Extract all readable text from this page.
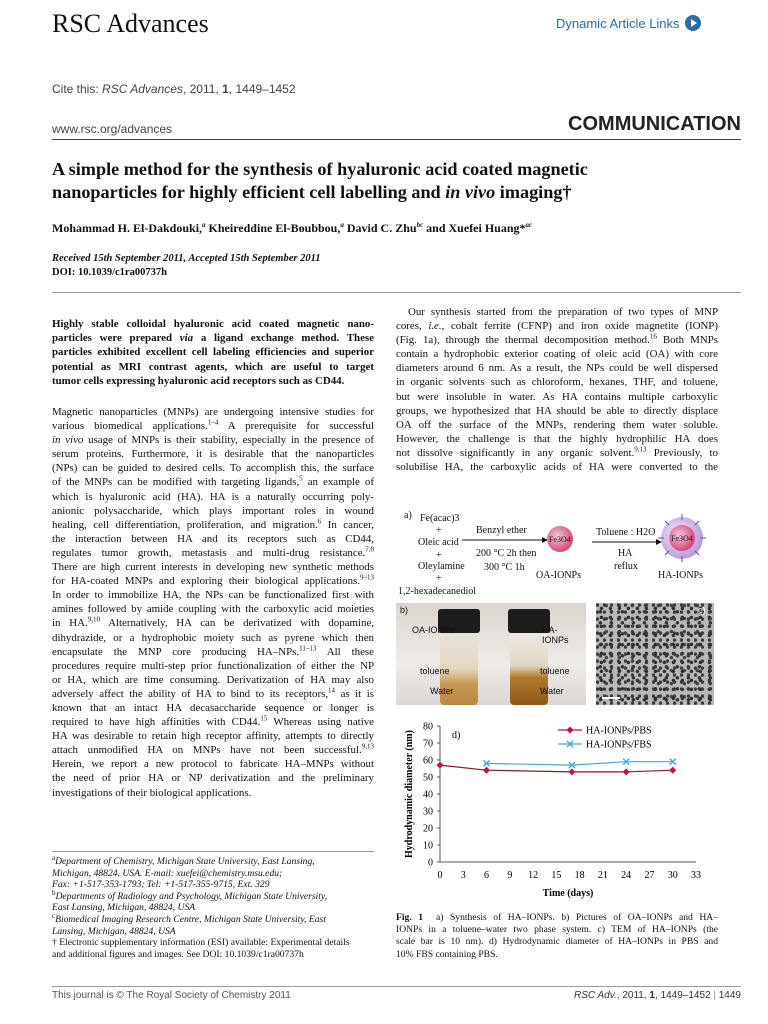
RSC Advances	Dynamic Article Links
Cite this: RSC Advances, 2011, 1, 1449–1452
www.rsc.org/advances	COMMUNICATION
A simple method for the synthesis of hyaluronic acid coated magnetic
nanoparticles for highly efficient cell labelling and in vivo imaging†
Mohammad H. El-Dakdouki,$^a$ Kheireddine El-Boubbou,$^a$ David C. Zhu$^{bc}$ and Xuefei Huang*$^{ac}$
Received 15th September 2011, Accepted 15th September 2011
DOI: 10.1039/c1ra00737h
Highly stable colloidal hyaluronic acid coated magnetic nano-
particles were prepared via a ligand exchange method. These
particles exhibited excellent cell labeling efficiencies and superior
potential as MRI contrast agents, which are useful to target
tumor cells expressing hyaluronic acid receptors such as CD44.
Magnetic nanoparticles (MNPs) are undergoing intensive studies for
various biomedical applications.$^{1-4}$ A prerequisite for successful
in vivo usage of MNPs is their stability, especially in the presence of
serum proteins. Furthermore, it is desirable that the nanoparticles
(NPs) can be guided to desired cells. To accomplish this, the surface
of the MNPs can be modified with targeting ligands,$^5$ an example of
which is hyaluronic acid (HA). HA is a naturally occurring poly-
anionic polysaccharide, which plays important roles in wound
healing, cell differentiation, proliferation, and migration.$^6$ In cancer,
the interaction between HA and its receptors such as CD44,
regulates tumor growth, metastasis and multi-drug resistance.$^{7,8}$
There are high current interests in developing new synthetic methods
for HA-coated MNPs and exploring their biological applications.$^{9-13}$
In order to immobilize HA, the NPs can be functionalized first with
amines followed by amide coupling with the carboxylic acid moieties
in HA.$^{9,10}$ Alternatively, HA can be derivatized with dopamine,
dihydrazide, or a hydrophobic moiety such as pyrene which then
encapsulate the MNP core producing HA–NPs.$^{11-13}$ All these
procedures require multi-step prior functionalization of either the NP
or HA, which are time consuming. Derivatization of HA may also
adversely affect the ability of HA to bind to its receptors,$^{14}$ as it is
known that an intact HA decasaccharide sequence or longer is
required to have high affinities with CD44.15 Whereas using native
HA was desirable to retain high receptor affinity, attempts to directly
attach unmodified HA on MNPs have not been successful.$^{9,13}$
Herein, we report a new protocol to fabricate HA–MNPs without
the need of prior HA or NP derivatization and the preliminary
investigations of their biological applications.
$^a$Department of Chemistry, Michigan State University, East Lansing,
Michigan, 48824, USA. E-mail: xuefei@chemistry.msu.edu;
Fax: +1-517-353-1793; Tel: +1-517-355-9715, Ext. 329
$^b$Departments of Radiology and Psychology, Michigan State University,
East Lansing, Michigan, 48824, USA
$^c$Biomedical Imaging Research Centre, Michigan State University, East
Lansing, Michigan, 48824, USA
† Electronic supplementary information (ESI) available: Experimental details
and additional figures and images. See DOI: 10.1039/c1ra00737h
Our synthesis started from the preparation of two types of MNP
cores, i.e., cobalt ferrite (CFNP) and iron oxide magnetite (IONP)
(Fig. 1a), through the thermal decomposition method.$^{16}$ Both MNPs
contain a hydrophobic exterior coating of oleic acid (OA) with core
diameters around 6 nm. As a result, the NPs could be well dispersed
in organic solvents such as chloroform, hexanes, THF, and toluene,
but were insoluble in water. As HA contains multiple carboxylic
groups, we hypothesized that HA should be able to directly displace
OA off the surface of the MNPs, rendering them water soluble.
However, the challenge is that the highly hydrophilic HA does
not dissolve significantly in any organic solvent.$^{9,13}$ Previously, to
solubilise HA, the carboxylic acids of HA were converted to the
a) Fe(acac)3
+
Oleic acid
+
Oleylamine
+
1,2-hexadecanediol
Benzyl ether
200 °C 2h then
300 °C 1h
Fe3O4
OA-IONPs
Toluene : H2O
HA
reflux
Fe3O4
HA-IONPs
b)
OA-IONPs	HA-IONPs
toluene
Water
toluene
Water
c)
0
10
20
30
40
50
60
70
80
0 3 6 9 12 15 18 21 24 27 30 33
Time (days)
Hydrodynamic diameter (nm)	d)	HA-IONPs/PBS
HA-IONPs/FBS
Fig. 1 a) Synthesis of HA–IONPs. b) Pictures of OA–IONPs and HA–
IONPs in a toluene–water two phase system. c) TEM of HA–IONPs (the
scale bar is 10 nm). d) Hydrodynamic diameter of HA–IONPs in PBS and
10% FBS containing PBS.
This journal is © The Royal Society of Chemistry 2011	RSC Adv., 2011, 1, 1449–1452 | 1449
